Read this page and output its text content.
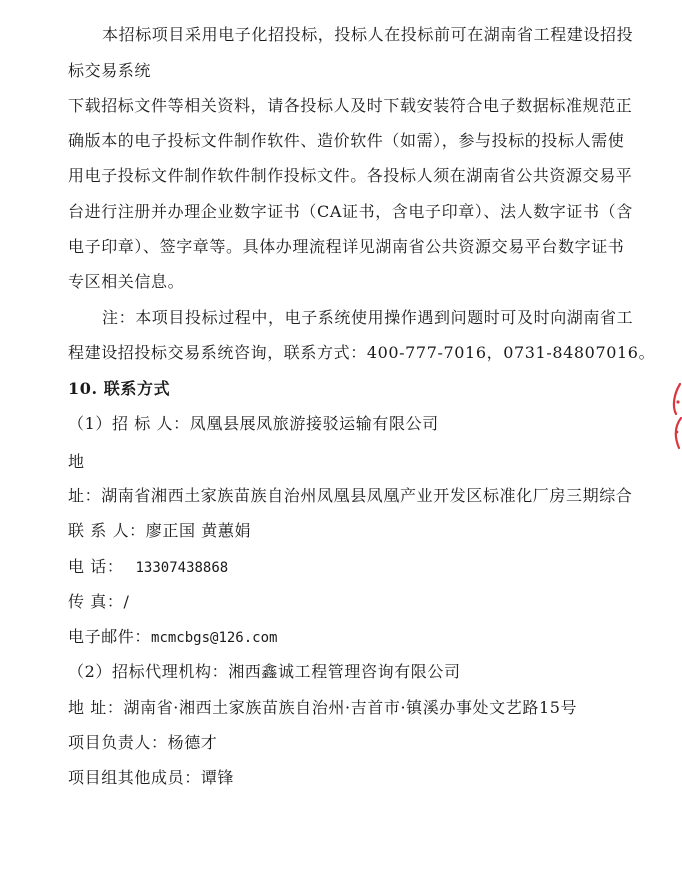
本招标项目采用电子化招投标，投标人在投标前可在湖南省工程建设招投
标交易系统
下载招标文件等相关资料，请各投标人及时下载安装符合电子数据标准规范正
确版本的电子投标文件制作软件、造价软件（如需），参与投标的投标人需使
用电子投标文件制作软件制作投标文件。各投标人须在湖南省公共资源交易平
台进行注册并办理企业数字证书（CA证书，含电子印章）、法人数字证书（含
电子印章）、签字章等。具体办理流程详见湖南省公共资源交易平台数字证书
专区相关信息。
注：本项目投标过程中，电子系统使用操作遇到问题时可及时向湖南省工
程建设招投标交易系统咨询，联系方式：400-777-7016，0731-84807016。
10. 联系方式
（1）招 标 人：凤凰县展凤旅游接驳运输有限公司
地
址：湖南省湘西土家族苗族自治州凤凰县凤凰产业开发区标准化厂房三期综合
联 系 人：廖正国 黄蕙娟
电 话： 13307438868
传 真：/
电子邮件：mcmcbgs@126.com
（2）招标代理机构：湘西鑫诚工程管理咨询有限公司
地 址：湖南省·湘西土家族苗族自治州·吉首市·镇溪办事处文艺路15号
项目负责人：杨德才
项目组其他成员：谭锋
